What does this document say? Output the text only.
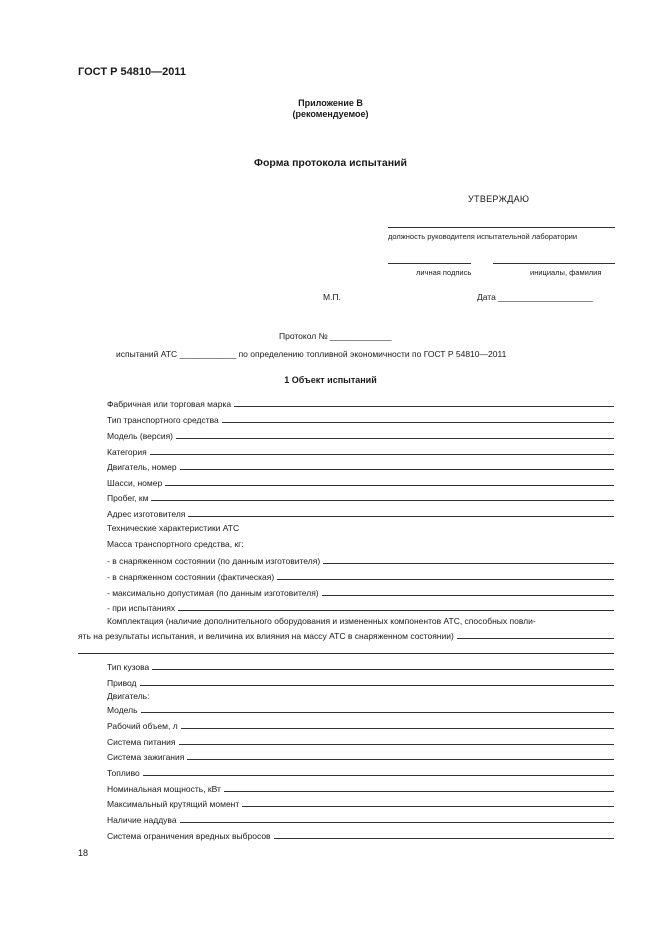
ГОСТ Р 54810—2011
Приложение В
(рекомендуемое)
Форма протокола испытаний
УТВЕРЖДАЮ
должность руководителя испытательной лаборатории
личная подпись	инициалы, фамилия
М.П.	Дата ____________________
Протокол № _____________
испытаний АТС ____________ по определению топливной экономичности по ГОСТ Р 54810—2011
1 Объект испытаний
Фабричная или торговая марка
Тип транспортного средства
Модель (версия)
Категория
Двигатель, номер
Шасси, номер
Пробег, км
Адрес изготовителя
Технические характеристики АТС
Масса транспортного средства, кг:
- в снаряженном состоянии (по данным изготовителя)
- в снаряженном состоянии (фактическая)
- максимально допустимая (по данным изготовителя)
- при испытаниях
Комплектация (наличие дополнительного оборудования и измененных компонентов АТС, способных повли-
ять на результаты испытания, и величина их влияния на массу АТС в снаряженном состоянии)
Тип кузова
Привод
Двигатель:
Модель
Рабочий объем, л
Система питания
Система зажигания
Топливо
Номинальная мощность, кВт
Максимальный крутящий момент
Наличие наддува
Система ограничения вредных выбросов
18
